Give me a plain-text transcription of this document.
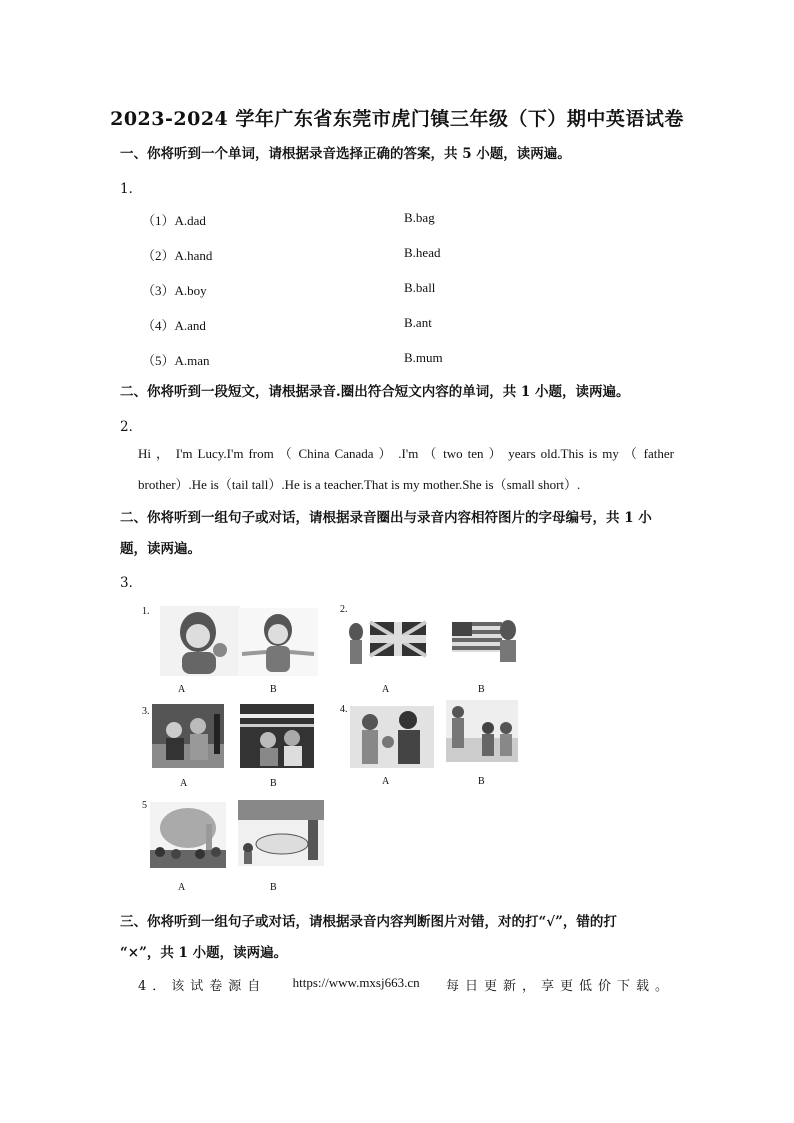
2023-2024 学年广东省东莞市虎门镇三年级（下）期中英语试卷
一、你将听到一个单词，请根据录音选择正确的答案，共 5 小题，读两遍。
1．
（1）A.dad	B.bag
（2）A.hand	B.head
（3）A.boy	B.ball
（4）A.and	B.ant
（5）A.man	B.mum
二、你将听到一段短文，请根据录音.圈出符合短文内容的单词，共 1 小题，读两遍。
2．
Hi ， I'm Lucy.I'm from （ China Canada ） .I'm （ two ten ） years old.This is my （ father
brother）.He is（tail tall）.He is a teacher.That is my mother.She is（small short）.
二、你将听到一组句子或对话，请根据录音圈出与录音内容相符图片的字母编号，共 1 小
题，读两遍。
3．
1.
A	B
2.
A	B
3.
A	B
4.
A	B
5
A	B
三、你将听到一组句子或对话，请根据录音内容判断图片对错，对的打“√”，错的打
“×”，共 1 小题，读两遍。
4．该试卷源自 https://www.mxsj663.cn 每日更新，享更低价下载。
